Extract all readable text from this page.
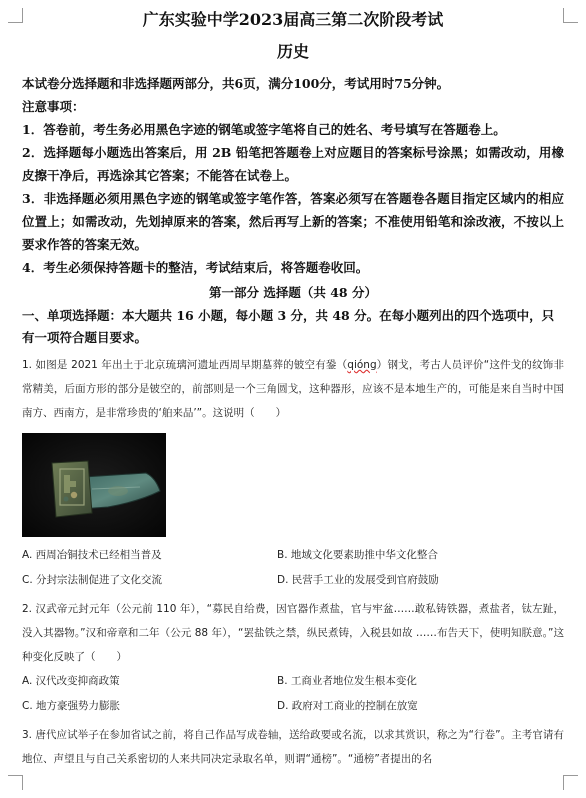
广东实验中学2023届高三第二次阶段考试
历史

本试卷分选择题和非选择题两部分，共6页，满分100分，考试用时75分钟。

注意事项：

1．答卷前，考生务必用黑色字迹的钢笔或签字笔将自己的姓名、考号填写在答题卷上。

2．选择题每小题选出答案后，用 2B 铅笔把答题卷上对应题目的答案标号涂黑；如需改动，用橡皮擦干净后，再选涂其它答案；不能答在试卷上。

3．非选择题必须用黑色字迹的钢笔或签字笔作答，答案必须写在答题卷各题目指定区域内的相应位置上；如需改动，先划掉原来的答案，然后再写上新的答案；不准使用铅笔和涂改液，不按以上要求作答的答案无效。

4．考生必须保持答题卡的整洁，考试结束后，将答题卷收回。

第一部分 选择题（共 48 分）

一、单项选择题：本大题共 16 小题，每小题 3 分，共 48 分。在每小题列出的四个选项中，只有一项符合题目要求。

1. 如图是 2021 年出土于北京琉璃河遗址西周早期墓葬的铍空有銎（qióng）钢戈，考古人员评价“这件戈的纹饰非常精美，后面方形的部分是铍空的，前部则是一个三角圆戈，这种器形，应该不是本地生产的，可能是来自当时中国南方、西南方，是非常珍贵的‘舶来品’”。这说明（　　）

A. 西周冶铜技术已经相当普及	B. 地域文化要素助推中华文化整合
C. 分封宗法制促进了文化交流	D. 民营手工业的发展受到官府鼓励

2. 汉武帝元封元年（公元前 110 年），“募民自给费，因官器作煮盐，官与牢盆……敢私铸铁器，煮盐者，钛左趾，没入其器物。”汉和帝章和二年（公元 88 年），“罢盐铁之禁，纵民煮铸，入税县如故 ……布告天下，使明知朕意。”这种变化反映了（　　）

A. 汉代改变抑商政策	B. 工商业者地位发生根本变化
C. 地方豪强势力膨胀	D. 政府对工商业的控制在放宽

3. 唐代应试举子在参加省试之前，将自己作品写成卷轴，送给政要或名流，以求其赏识，称之为“行卷”。主考官请有地位、声望且与自己关系密切的人来共同决定录取名单，则谓“通榜”。“通榜”者提出的名
